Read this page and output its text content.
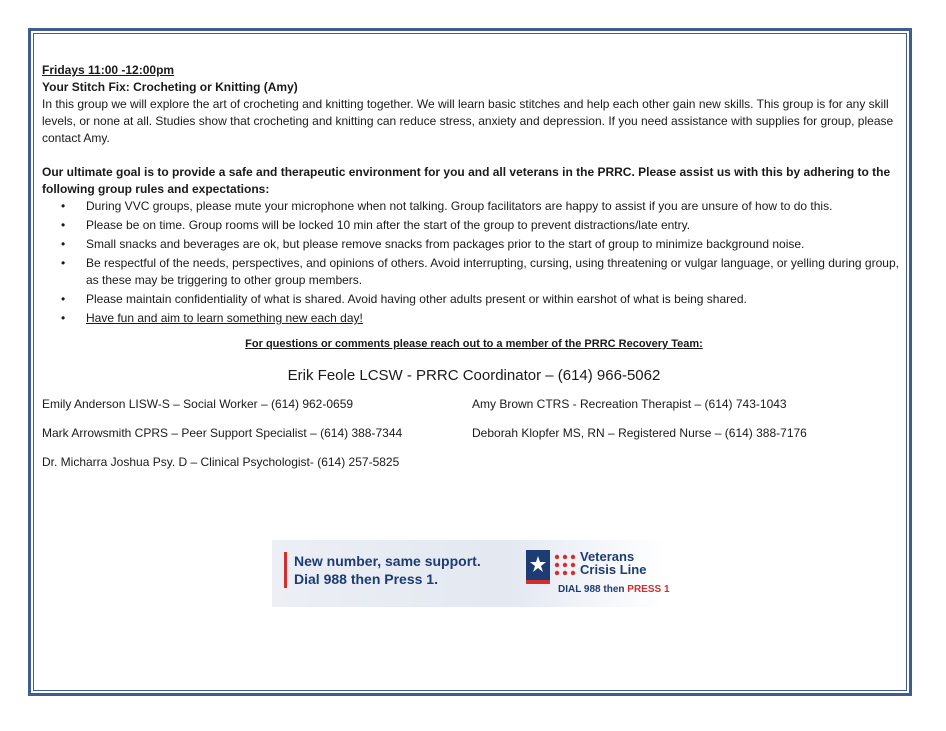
Fridays 11:00 -12:00pm

Your Stitch Fix: Crocheting or Knitting (Amy)

In this group we will explore the art of crocheting and knitting together. We will learn basic stitches and help each other gain new skills. This group is for any skill levels, or none at all. Studies show that crocheting and knitting can reduce stress, anxiety and depression. If you need assistance with supplies for group, please contact Amy.

Our ultimate goal is to provide a safe and therapeutic environment for you and all veterans in the PRRC. Please assist us with this by adhering to the following group rules and expectations:

• During VVC groups, please mute your microphone when not talking. Group facilitators are happy to assist if you are unsure of how to do this.
• Please be on time. Group rooms will be locked 10 min after the start of the group to prevent distractions/late entry.
• Small snacks and beverages are ok, but please remove snacks from packages prior to the start of group to minimize background noise.
• Be respectful of the needs, perspectives, and opinions of others. Avoid interrupting, cursing, using threatening or vulgar language, or yelling during group, as these may be triggering to other group members.
• Please maintain confidentiality of what is shared. Avoid having other adults present or within earshot of what is being shared.
• Have fun and aim to learn something new each day!
For questions or comments please reach out to a member of the PRRC Recovery Team:
Erik Feole LCSW - PRRC Coordinator – (614) 966-5062
Emily Anderson LISW-S – Social Worker – (614) 962-0659	Amy Brown CTRS - Recreation Therapist – (614) 743-1043
Mark Arrowsmith CPRS – Peer Support Specialist – (614) 388-7344	Deborah Klopfer MS, RN – Registered Nurse – (614) 388-7176
Dr. Micharra Joshua Psy. D – Clinical Psychologist- (614) 257-5825
New number, same support.
Dial 988 then Press 1.
Veterans
Crisis Line
DIAL 988 then PRESS 1
